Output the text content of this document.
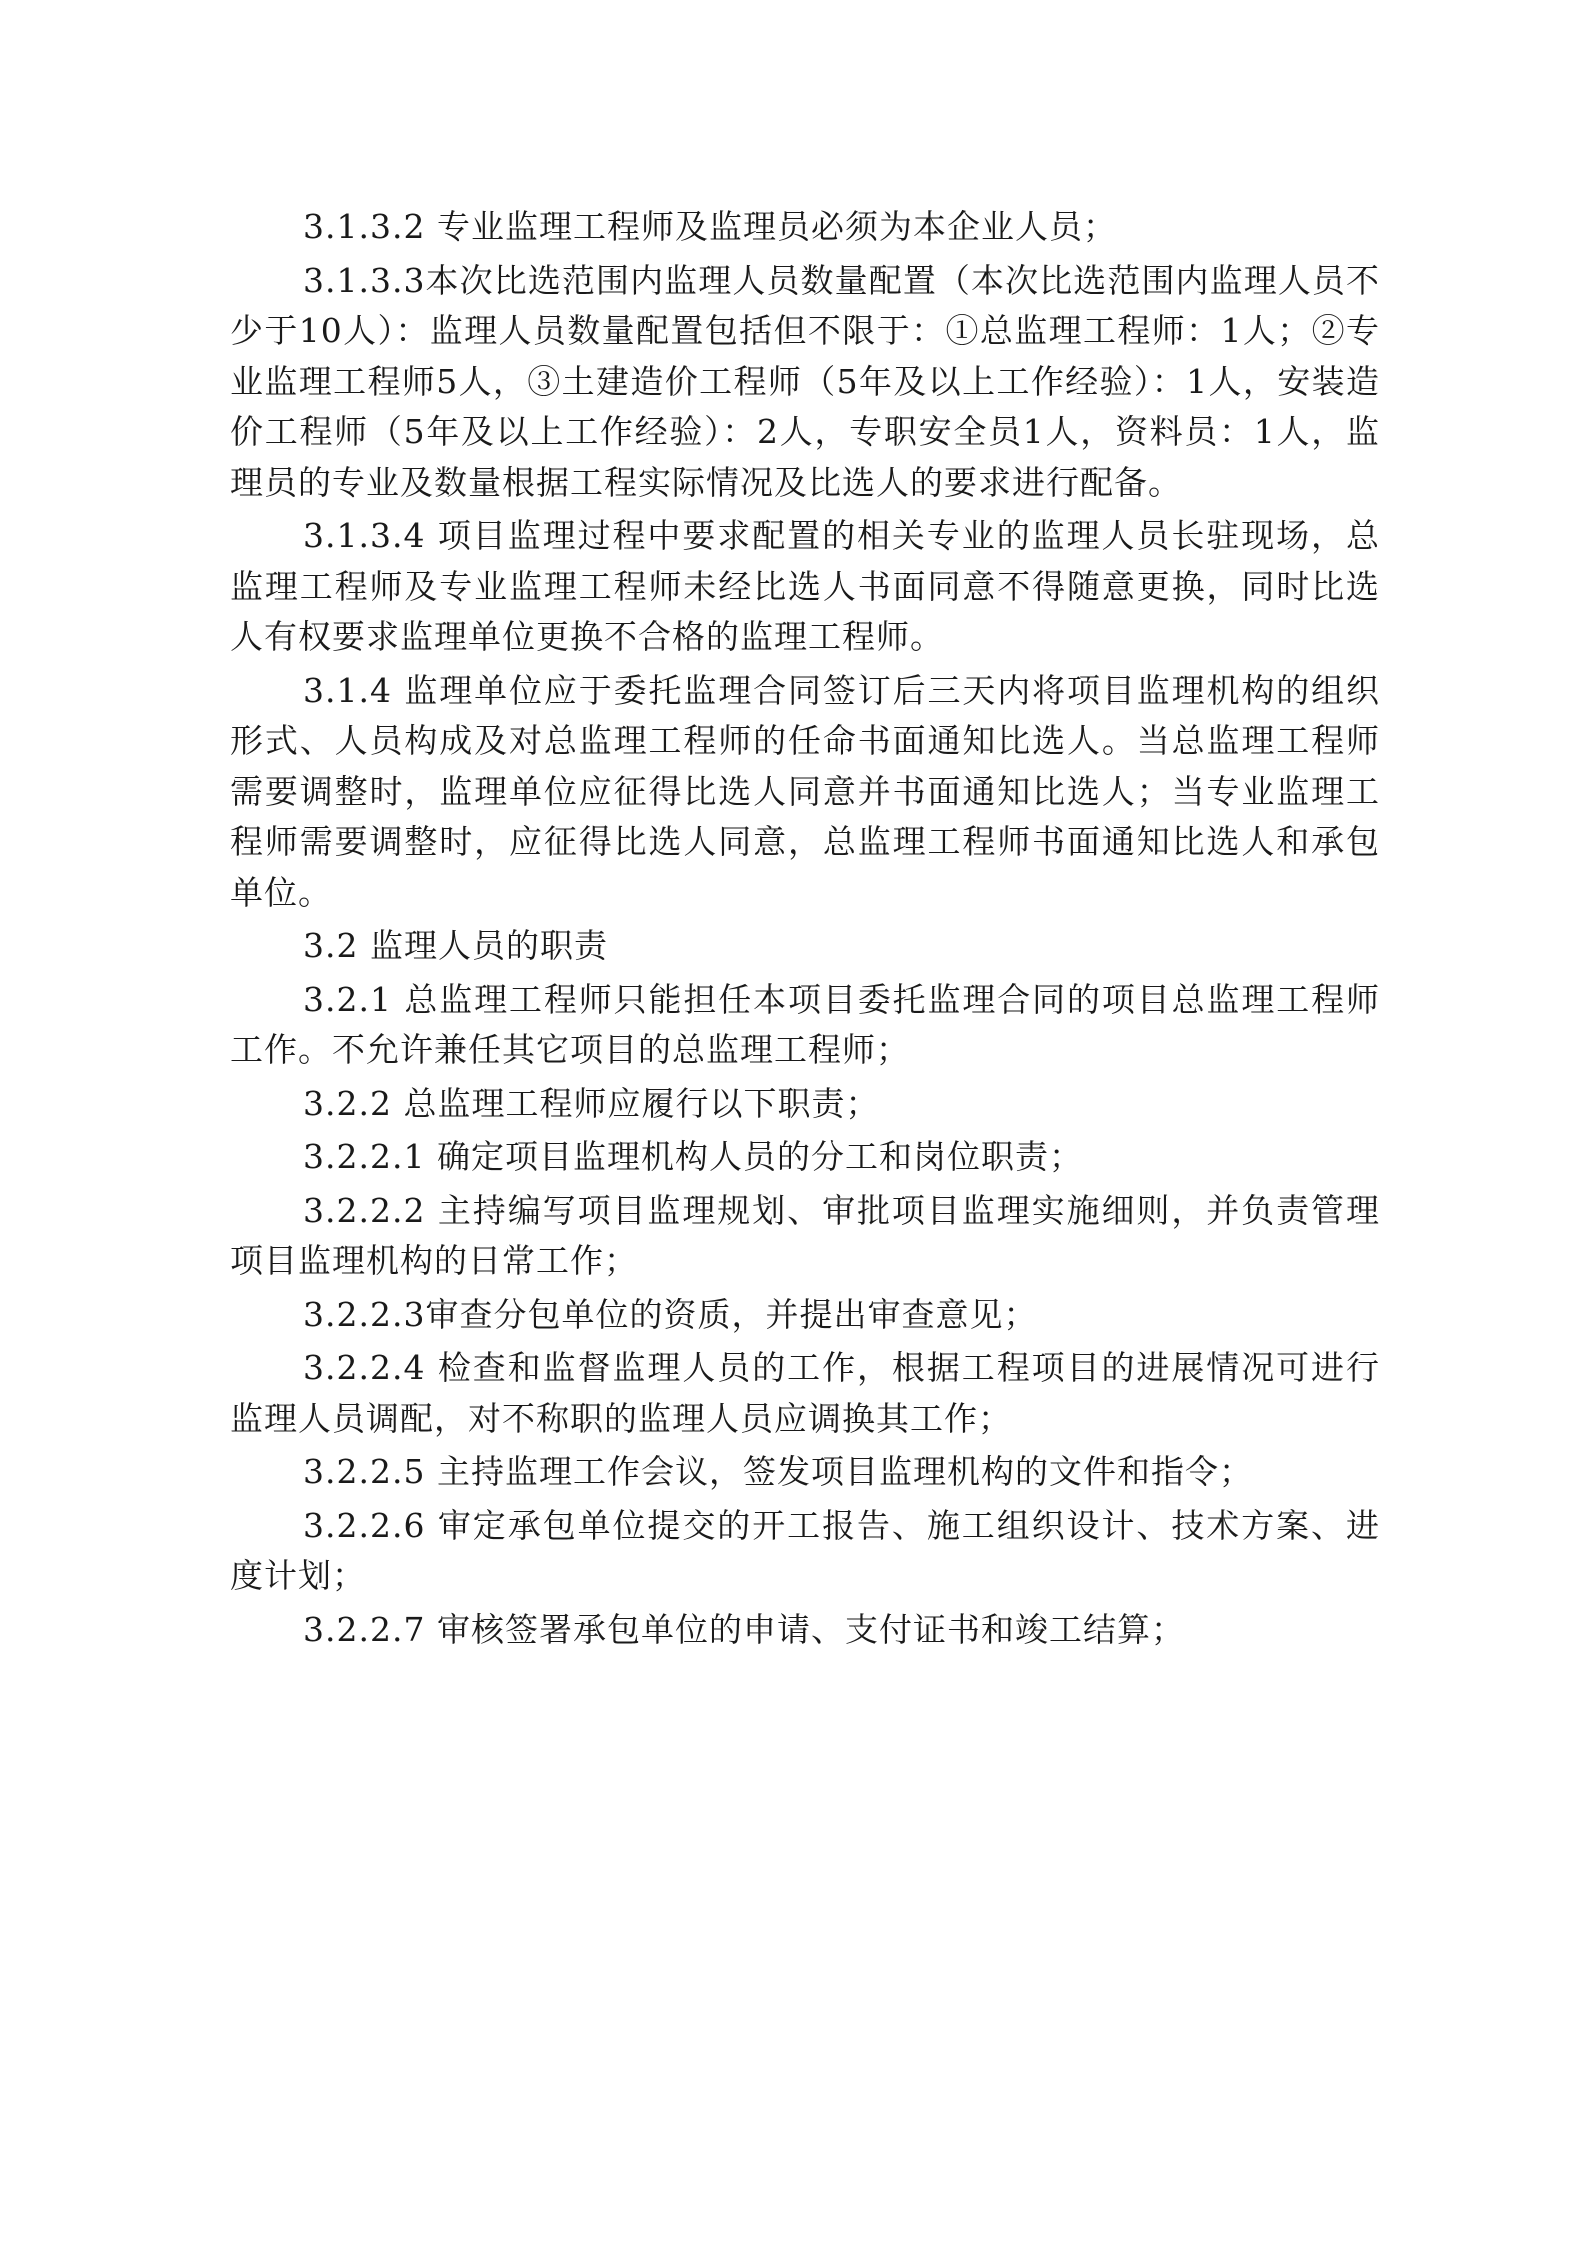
3.1.3.2 专业监理工程师及监理员必须为本企业人员；

3.1.3.3本次比选范围内监理人员数量配置（本次比选范围内监理人员不少于10人）：监理人员数量配置包括但不限于：①总监理工程师：1人；②专业监理工程师5人，③土建造价工程师（5年及以上工作经验）：1人，安装造价工程师（5年及以上工作经验）：2人，专职安全员1人，资料员：1人，监理员的专业及数量根据工程实际情况及比选人的要求进行配备。

3.1.3.4 项目监理过程中要求配置的相关专业的监理人员长驻现场，总监理工程师及专业监理工程师未经比选人书面同意不得随意更换，同时比选人有权要求监理单位更换不合格的监理工程师。

3.1.4 监理单位应于委托监理合同签订后三天内将项目监理机构的组织形式、人员构成及对总监理工程师的任命书面通知比选人。当总监理工程师需要调整时，监理单位应征得比选人同意并书面通知比选人；当专业监理工程师需要调整时，应征得比选人同意，总监理工程师书面通知比选人和承包单位。

3.2 监理人员的职责

3.2.1 总监理工程师只能担任本项目委托监理合同的项目总监理工程师工作。不允许兼任其它项目的总监理工程师；

3.2.2 总监理工程师应履行以下职责；

3.2.2.1 确定项目监理机构人员的分工和岗位职责；

3.2.2.2 主持编写项目监理规划、审批项目监理实施细则，并负责管理项目监理机构的日常工作；

3.2.2.3审查分包单位的资质，并提出审查意见；

3.2.2.4 检查和监督监理人员的工作，根据工程项目的进展情况可进行监理人员调配，对不称职的监理人员应调换其工作；

3.2.2.5 主持监理工作会议，签发项目监理机构的文件和指令；

3.2.2.6 审定承包单位提交的开工报告、施工组织设计、技术方案、进度计划；

3.2.2.7 审核签署承包单位的申请、支付证书和竣工结算；
